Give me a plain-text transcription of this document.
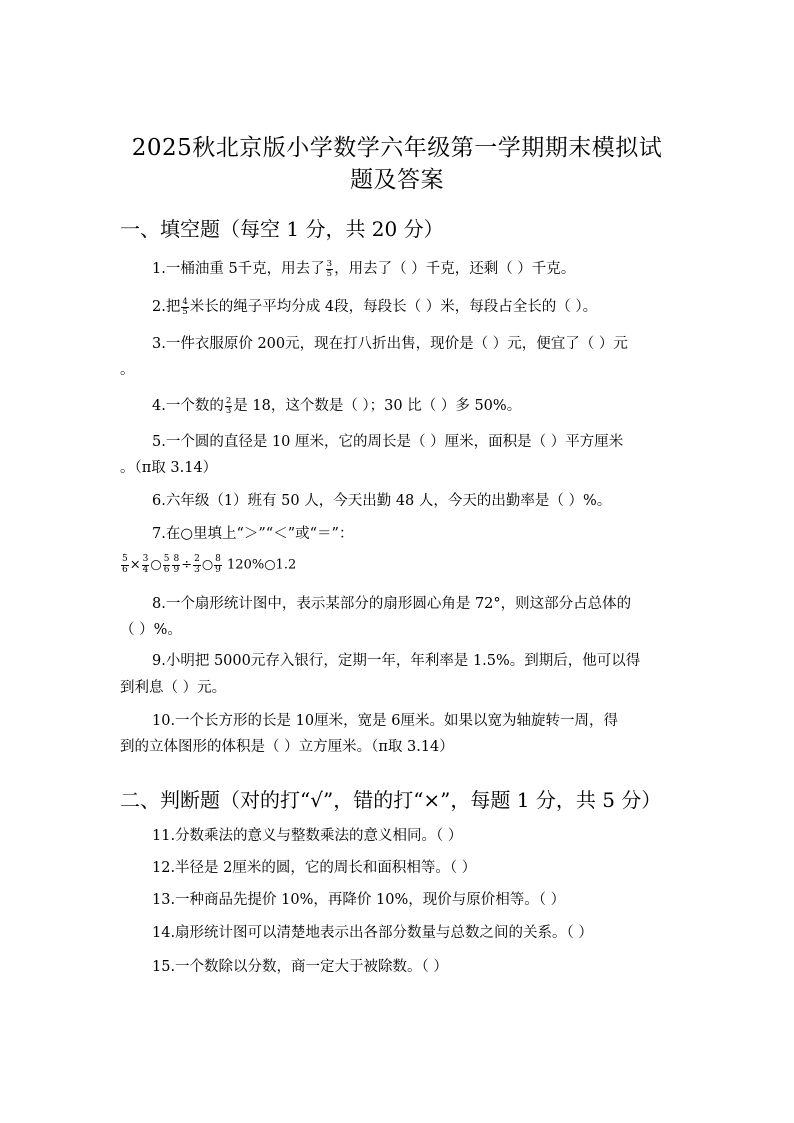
2025秋北京版小学数学六年级第一学期期末模拟试
题及答案
一、填空题（每空 1 分，共 20 分）
1.一桶油重 5千克，用去了 $\frac{3}{5}$ ，用去了（ ）千克，还剩（ ）千克。
2.把 $\frac{4}{5}$ 米长的绳子平均分成 4段，每段长（ ）米，每段占全长的（ ）。
3.一件衣服原价 200元，现在打八折出售，现价是（ ）元，便宜了（ ）元
。
4.一个数的 $\frac{2}{3}$ 是 18，这个数是（ ）；30 比（ ）多 50%。
5.一个圆的直径是 10 厘米，它的周长是（ ）厘米，面积是（ ）平方厘米
。（π取 3.14）
6.六年级（1）班有 50 人，今天出勤 48 人，今天的出勤率是（ ）%。
7.在○里填上“＞”“＜”或“＝”：
$\frac{5}{6} \times \frac{3}{4}$ ○ $\frac{5}{6} \frac{8}{9} \div \frac{2}{3}$ ○ $\frac{8}{9}$ 120%○1.2
8.一个扇形统计图中，表示某部分的扇形圆心角是 72°，则这部分占总体的
（ ）%。
9.小明把 5000元存入银行，定期一年，年利率是 1.5%。到期后，他可以得
到利息（ ）元。
10.一个长方形的长是 10厘米，宽是 6厘米。如果以宽为轴旋转一周，得
到的立体图形的体积是（ ）立方厘米。（π取 3.14）
二、判断题（对的打“√”，错的打“×”，每题 1 分，共 5 分）
11.分数乘法的意义与整数乘法的意义相同。（ ）
12.半径是 2厘米的圆，它的周长和面积相等。（ ）
13.一种商品先提价 10%，再降价 10%，现价与原价相等。（ ）
14.扇形统计图可以清楚地表示出各部分数量与总数之间的关系。（ ）
15.一个数除以分数，商一定大于被除数。（ ）
